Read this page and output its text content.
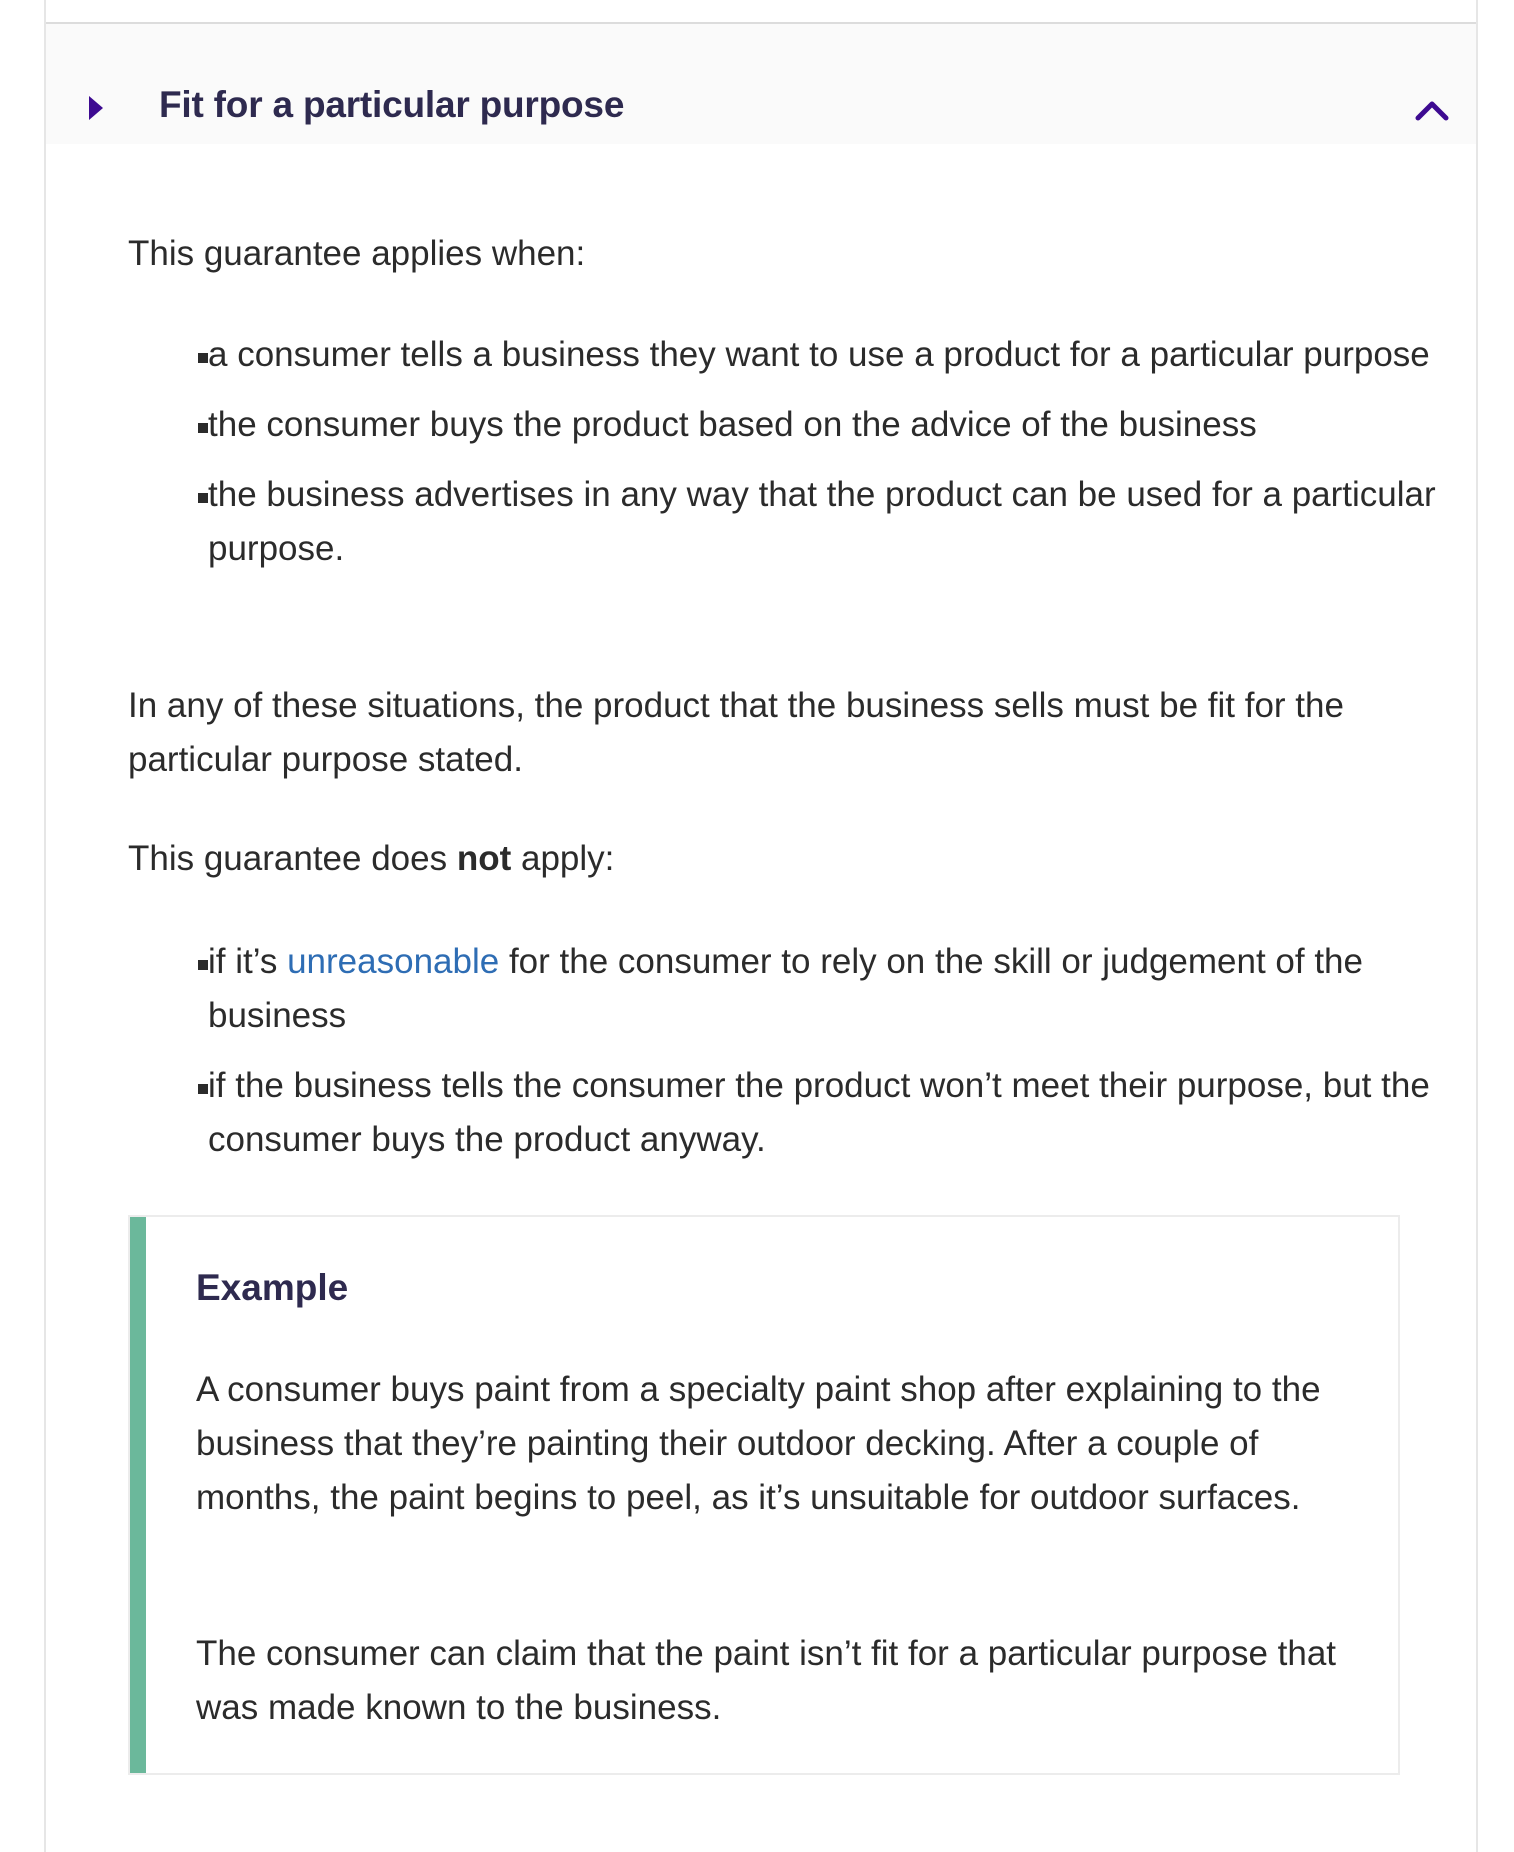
Fit for a particular purpose

This guarantee applies when:

a consumer tells a business they want to use a product for a particular purpose
the consumer buys the product based on the advice of the business
the business advertises in any way that the product can be used for a particular purpose.

In any of these situations, the product that the business sells must be fit for the particular purpose stated.

This guarantee does not apply:

if it’s unreasonable for the consumer to rely on the skill or judgement of the business
if the business tells the consumer the product won’t meet their purpose, but the consumer buys the product anyway.
Example

A consumer buys paint from a specialty paint shop after explaining to the business that they’re painting their outdoor decking. After a couple of months, the paint begins to peel, as it’s unsuitable for outdoor surfaces.

The consumer can claim that the paint isn’t fit for a particular purpose that was made known to the business.
